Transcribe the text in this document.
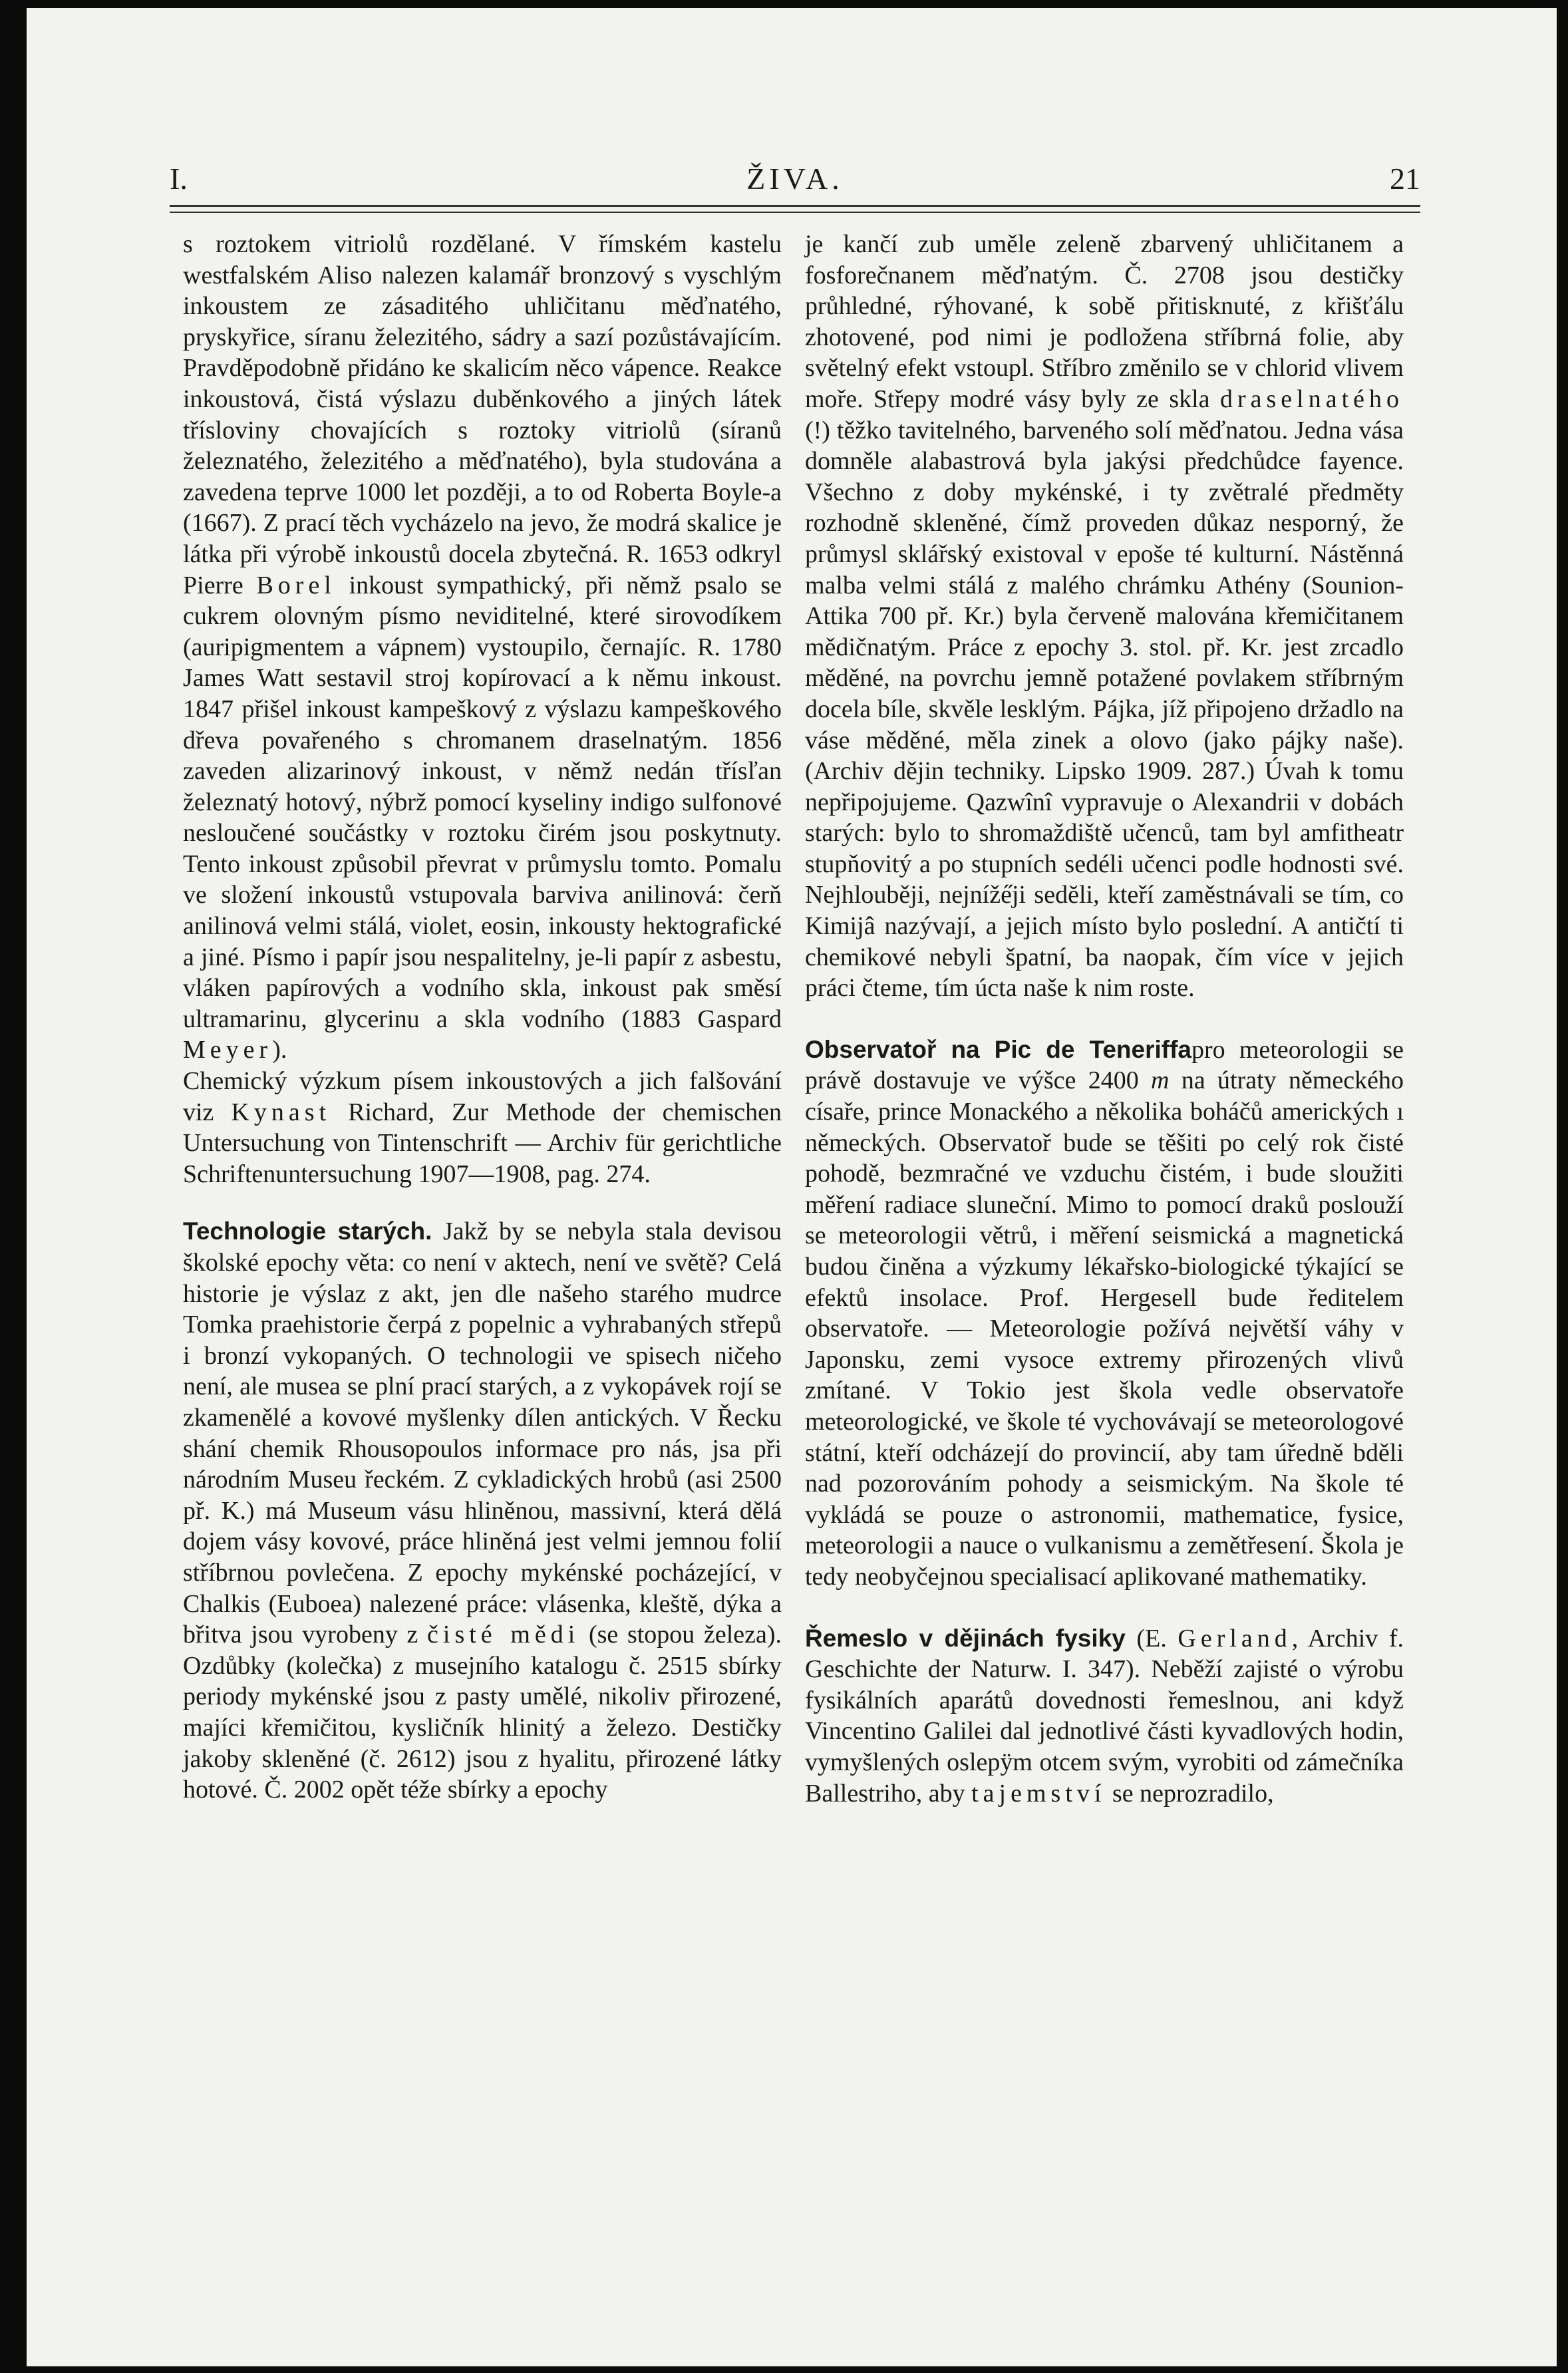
I.	ŽIVA.	21

s roztokem vitriolů rozdělané. V římském kastelu westfalském Aliso nalezen kalamář bronzový s vyschlým inkoustem ze zásaditého uhličitanu měďnatého, pryskyřice, síranu železitého, sádry a sazí pozůstávajícím. Pravděpodobně přidáno ke skalicím něco vápence. Reakce inkoustová, čistá výslazu duběnkového a jiných látek třísloviny chovajících s roztoky vitriolů (síranů železnatého, železitého a měďnatého), byla studována a zavedena teprve 1000 let později, a to od Roberta Boyle-a (1667). Z prací těch vycházelo na jevo, že modrá skalice je látka při výrobě inkoustů docela zbytečná. R. 1653 odkryl Pierre Borel inkoust sympathický, při němž psalo se cukrem olovným písmo neviditelné, které sirovodíkem (auripigmentem a vápnem) vystoupilo, černajíc. R. 1780 James Watt sestavil stroj kopírovací a k němu inkoust. 1847 přišel inkoust kampeškový z výslazu kampeškového dřeva povařeného s chromanem draselnatým. 1856 zaveden alizarinový inkoust, v němž nedán třísľan železnatý hotový, nýbrž pomocí kyseliny indigo sulfonové nesloučené součástky v roztoku čirém jsou poskytnuty. Tento inkoust způsobil převrat v průmyslu tomto. Pomalu ve složení inkoustů vstupovala barviva anilinová: čerň anilinová velmi stálá, violet, eosin, inkousty hektografické a jiné. Písmo i papír jsou nespalitelny, je-li papír z asbestu, vláken papírových a vodního skla, inkoust pak směsí ultramarinu, glycerinu a skla vodního (1883 Gaspard Meyer).

Chemický výzkum písem inkoustových a jich falšování viz Kynast Richard, Zur Methode der chemischen Untersuchung von Tintenschrift — Archiv für gerichtliche Schriftenuntersuchung 1907—1908, pag. 274.

Technologie starých. Jakž by se nebyla stala devisou školské epochy věta: co není v aktech, není ve světě? Celá historie je výslaz z akt, jen dle našeho starého mudrce Tomka praehistorie čerpá z popelnic a vyhrabaných střepů i bronzí vykopaných. O technologii ve spisech ničeho není, ale musea se plní prací starých, a z vykopávek rojí se zkamenělé a kovové myšlenky dílen antických. V Řecku shání chemik Rhousopoulos informace pro nás, jsa při národním Museu řeckém. Z cykladických hrobů (asi 2500 př. K.) má Museum vásu hliněnou, massivní, která dělá dojem vásy kovové, práce hliněná jest velmi jemnou folií stříbrnou povlečena. Z epochy mykénské pocházející, v Chalkis (Euboea) nalezené práce: vlásenka, kleště, dýka a břitva jsou vyrobeny z čisté mědi (se stopou železa). Ozdůbky (kolečka) z musejního katalogu č. 2515 sbírky periody mykénské jsou z pasty umělé, nikoliv přirozené, majíci křemičitou, kysličník hlinitý a železo. Destičky jakoby skleněné (č. 2612) jsou z hyalitu, přirozené látky hotové. Č. 2002 opět téže sbírky a epochy

je kančí zub uměle zeleně zbarvený uhličitanem a fosforečnanem měďnatým. Č. 2708 jsou destičky průhledné, rýhované, k sobě přitisknuté, z křišťálu zhotovené, pod nimi je podložena stříbrná folie, aby světelný efekt vstoupl. Stříbro změnilo se v chlorid vlivem moře. Střepy modré vásy byly ze skla draselnatého (!) těžko tavitelného, barveného solí měďnatou. Jedna vása domněle alabastrová byla jakýsi předchůdce fayence. Všechno z doby mykénské, i ty zvětralé předměty rozhodně skleněné, čímž proveden důkaz nesporný, že průmysl sklářský existoval v epoše té kulturní. Nástěnná malba velmi stálá z malého chrámku Athény (Sounion-Attika 700 př. Kr.) byla červeně malována křemičitanem mědičnatým. Práce z epochy 3. stol. př. Kr. jest zrcadlo měděné, na povrchu jemně potažené povlakem stříbrným docela bíle, skvěle lesklým. Pájka, jíž připojeno držadlo na váse měděné, měla zinek a olovo (jako pájky naše). (Archiv dějin techniky. Lipsko 1909. 287.) Úvah k tomu nepřipojujeme. Qazwînî vypravuje o Alexandrii v dobách starých: bylo to shromaždiště učenců, tam byl amfitheatr stupňovitý a po stupních sedéli učenci podle hodnosti své. Nejhlouběji, nejníže̋ji sedĕli, kteří zaměstnávali se tím, co Kimijâ nazývají, a jejich místo bylo poslední. A antičtí ti chemikové nebyli špatní, ba naopak, čím více v jejich práci čteme, tím úcta naše k nim roste.

Observatoř na Pic de Teneriffapro meteorologii se právě dostavuje ve výšce 2400 m na útraty německého císaře, prince Monackého a několika boháčů amerických ı německých. Observatoř bude se těšiti po celý rok čisté pohodě, bezmračné ve vzduchu čistém, i bude sloužiti měření radiace sluneční. Mimo to pomocí draků poslouží se meteorologii větrů, i měření seismická a magnetická budou činěna a výzkumy lékařsko-biologické týkající se efektů insolace. Prof. Hergesell bude ředitelem observatoře. — Meteorologie požívá největší váhy v Japonsku, zemi vysoce extremy přirozených vlivů zmítané. V Tokio jest škola vedle observatoře meteorologické, ve škole té vychovávají se meteorologové státní, kteří odcházejí do provincií, aby tam úředně bděli nad pozorováním pohody a seismickým. Na škole té vykládá se pouze o astronomii, mathematice, fysice, meteorologii a nauce o vulkanismu a zemětřesení. Škola je tedy neobyčejnou specialisací aplikované mathematiky.

Řemeslo v dějinách fysiky (E. Gerland, Archiv f. Geschichte der Naturw. I. 347). Neběží zajisté o výrobu fysikálních aparátů dovednosti řemeslnou, ani když Vincentino Galilei dal jednotlivé části kyvadlových hodin, vymyšlených oslepÿm otcem svým, vyrobiti od zámečníka Ballestriho, aby tajemství se neprozradilo,
